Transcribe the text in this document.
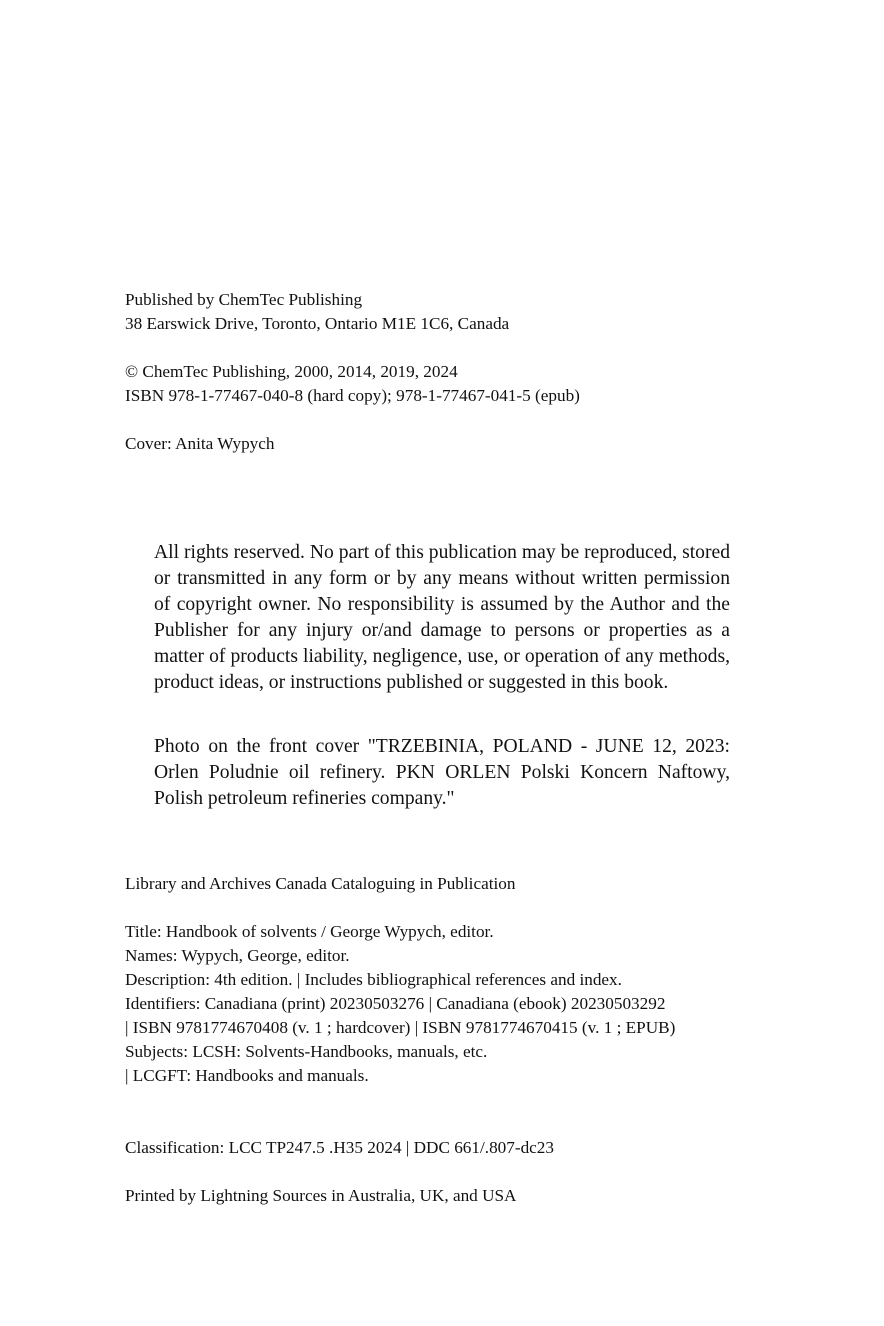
Published by ChemTec Publishing
38 Earswick Drive, Toronto, Ontario M1E 1C6, Canada
© ChemTec Publishing, 2000, 2014, 2019, 2024
ISBN 978-1-77467-040-8 (hard copy); 978-1-77467-041-5 (epub)
Cover: Anita Wypych

All rights reserved. No part of this publication may be reproduced, stored or transmitted in any form or by any means without written permission of copyright owner. No responsibility is assumed by the Author and the Publisher for any injury or/and damage to persons or properties as a matter of products liability, negligence, use, or operation of any methods, product ideas, or instructions published or suggested in this book.

Photo on the front cover "TRZEBINIA, POLAND - JUNE 12, 2023: Orlen Poludnie oil refinery. PKN ORLEN Polski Koncern Naftowy, Polish petroleum refineries company."

Library and Archives Canada Cataloguing in Publication
Title: Handbook of solvents / George Wypych, editor.
Names: Wypych, George, editor.
Description: 4th edition. | Includes bibliographical references and index.
Identifiers: Canadiana (print) 20230503276 | Canadiana (ebook) 20230503292
| ISBN 9781774670408 (v. 1 ; hardcover) | ISBN 9781774670415 (v. 1 ; EPUB)
Subjects: LCSH: Solvents-Handbooks, manuals, etc.
| LCGFT: Handbooks and manuals.
Classification: LCC TP247.5 .H35 2024 | DDC 661/.807-dc23
Printed by Lightning Sources in Australia, UK, and USA
